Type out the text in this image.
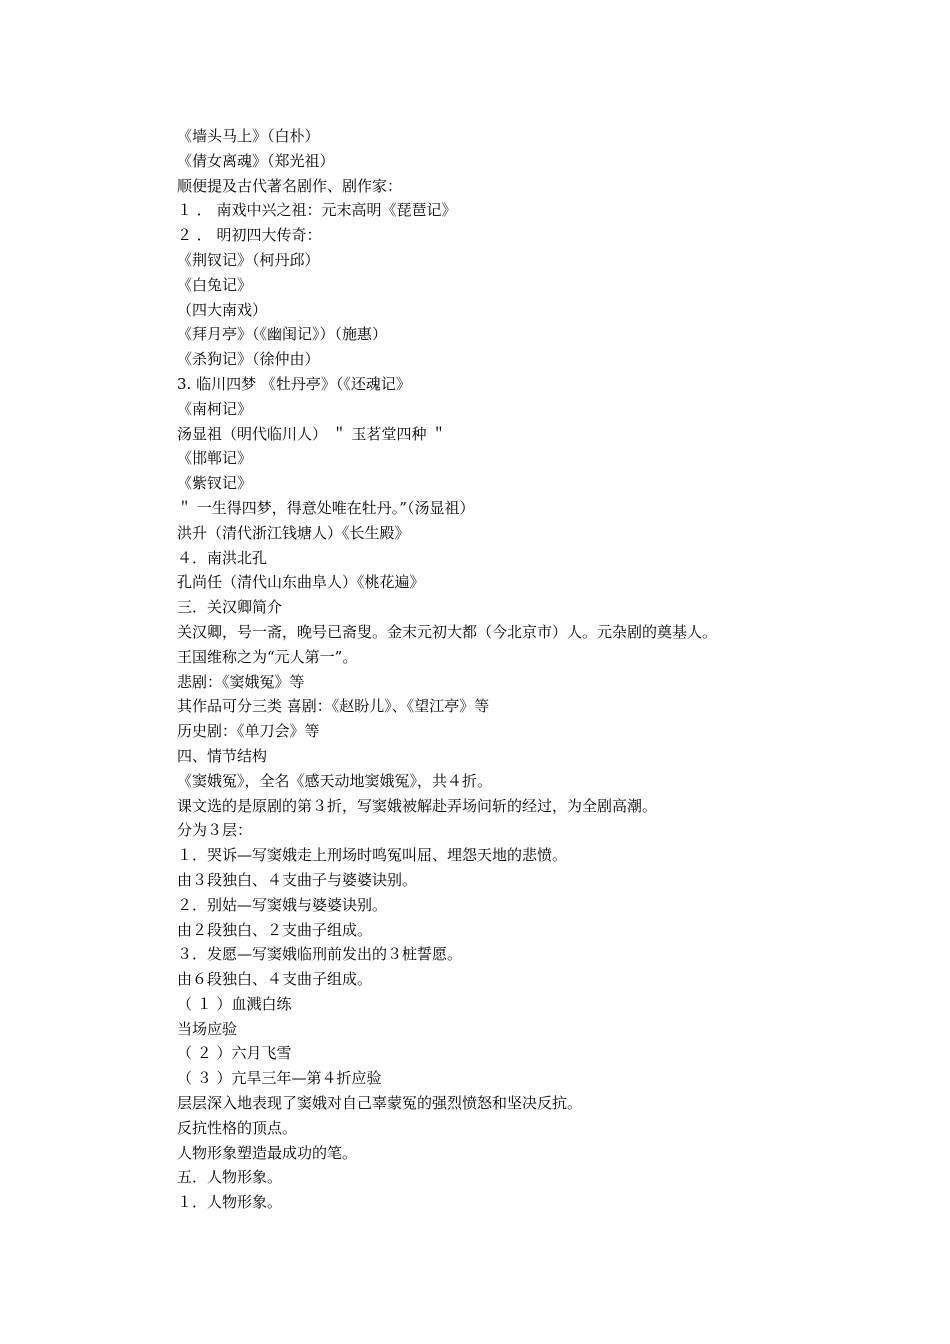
《墙头马上》（白朴）
《倩女离魂》（郑光祖）
顺便提及古代著名剧作、剧作家：
１ ． 南戏中兴之祖：元末高明《琵琶记》
２ ． 明初四大传奇：
《荆钗记》（柯丹邱）
《白兔记》
（四大南戏）
《拜月亭》（《幽闺记》）（施惠）
《杀狗记》（徐仲由）
3. 临川四梦 《牡丹亭》（《还魂记》
《南柯记》
汤显祖（明代临川人） ＂ 玉茗堂四种 ＂
《邯郸记》
《紫钗记》
＂ 一生得四梦，得意处唯在牡丹。”（汤显祖）
洪升（清代浙江钱塘人）《长生殿》
４．南洪北孔
孔尚任（清代山东曲阜人）《桃花遍》
三．关汉卿简介
关汉卿，号一斋，晚号已斋叟。金末元初大都（今北京市）人。元杂剧的奠基人。
王国维称之为“元人第一”。
悲剧：《窦娥冤》等
其作品可分三类 喜剧：《赵盼儿》、《望江亭》等
历史剧：《单刀会》等
四、情节结构
《窦娥冤》，全名《感天动地窦娥冤》，共４折。
课文选的是原剧的第３折，写窦娥被解赴弄场问斩的经过，为全剧高潮。
分为３层：
１．哭诉—写窦娥走上刑场时鸣冤叫屈、埋怨天地的悲愤。
由３段独白、４支曲子与婆婆诀别。
２．别姑—写窦娥与婆婆诀别。
由２段独白、２支曲子组成。
３．发愿—写窦娥临刑前发出的３桩誓愿。
由６段独白、４支曲子组成。
（ １ ）血溅白练
当场应验
（ ２ ）六月飞雪
（ ３ ）亢旱三年—第４折应验
层层深入地表现了窦娥对自己辜蒙冤的强烈愤怒和坚决反抗。
反抗性格的顶点。
人物形象塑造最成功的笔。
五．人物形象。
１．人物形象。
